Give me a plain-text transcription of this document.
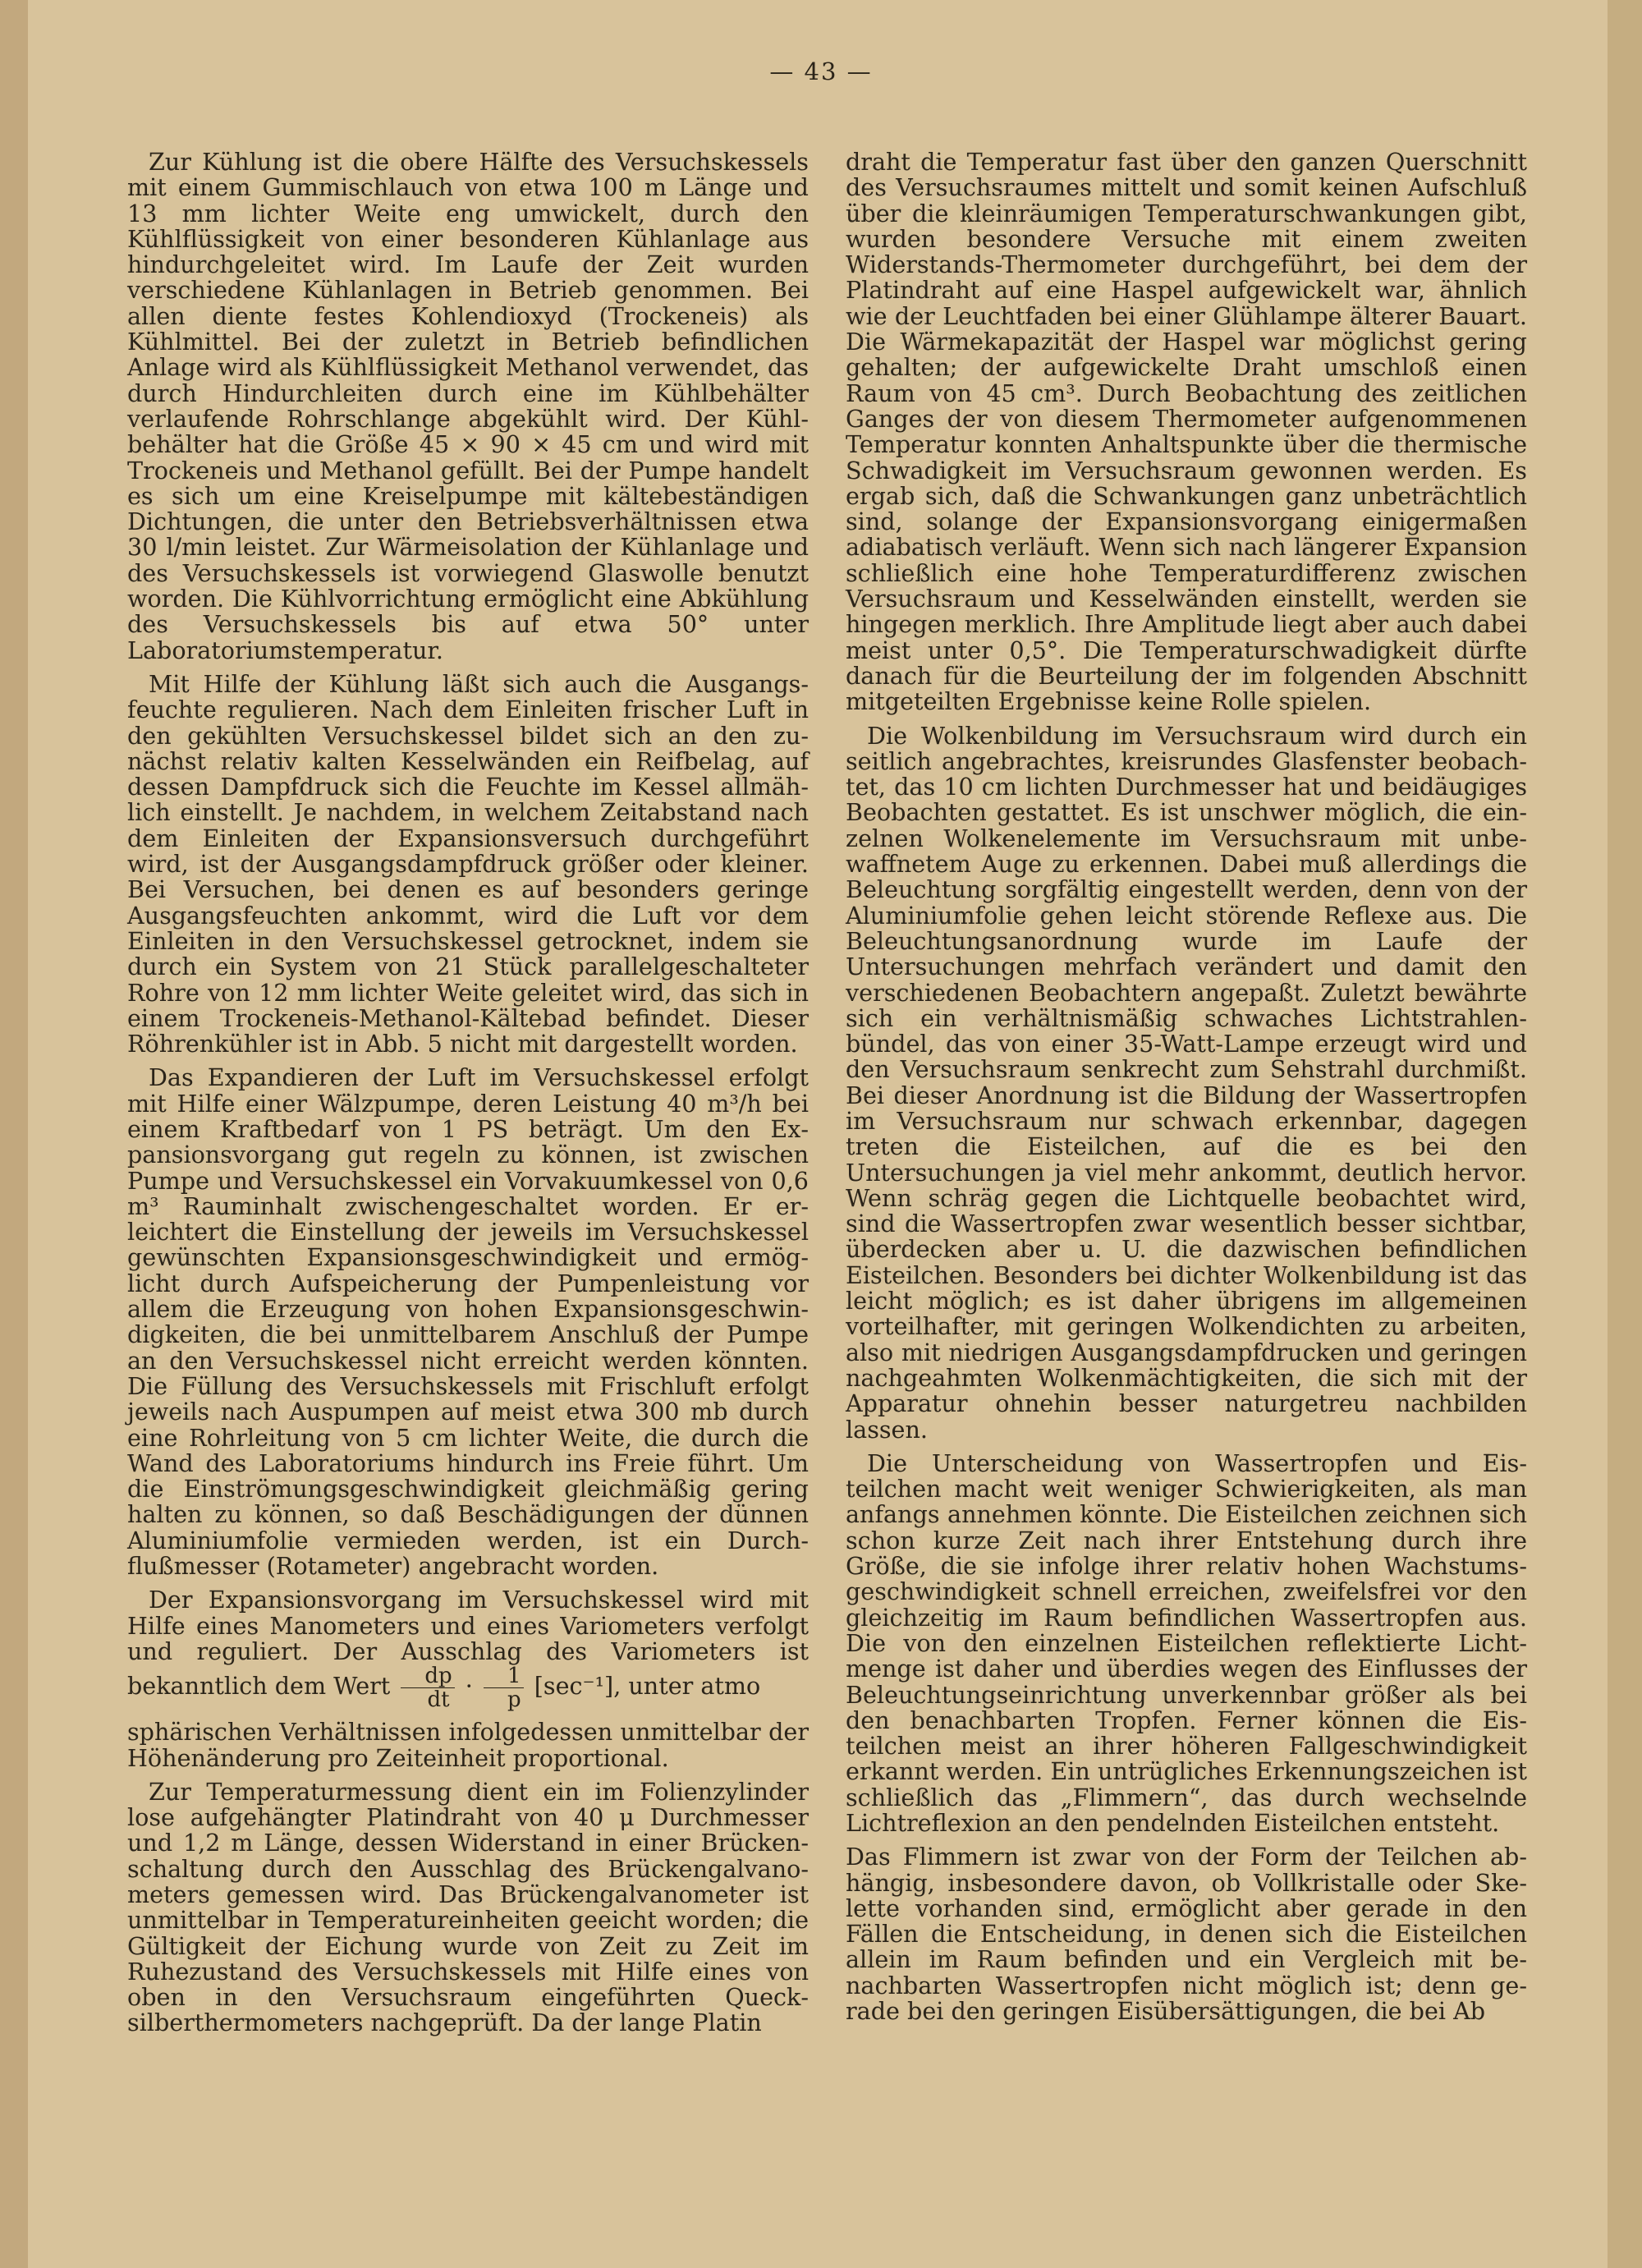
— 43 —

Zur Kühlung ist die obere Hälfte des Versuchskessels mit einem Gummischlauch von etwa 100 m Länge und 13 mm lichter Weite eng umwickelt, durch den Kühlflüssigkeit von einer besonderen Kühlanlage aus hindurchgeleitet wird. Im Laufe der Zeit wurden verschiedene Kühlanlagen in Betrieb genommen. Bei allen diente festes Kohlendioxyd (Trockeneis) als Kühlmittel. Bei der zuletzt in Betrieb befindlichen Anlage wird als Kühlflüssigkeit Methanol verwendet, das durch Hindurchleiten durch eine im Kühlbehälter verlaufende Rohrschlange abgekühlt wird. Der Kühlbehälter hat die Größe 45 × 90 × 45 cm und wird mit Trockeneis und Methanol gefüllt. Bei der Pumpe handelt es sich um eine Kreiselpumpe mit kältebeständigen Dichtungen, die unter den Betriebsverhältnissen etwa 30 l/min leistet. Zur Wärmeisolation der Kühlanlage und des Versuchskessels ist vorwiegend Glaswolle benutzt worden. Die Kühlvorrichtung ermöglicht eine Abkühlung des Versuchskessels bis auf etwa 50° unter Laboratoriumstemperatur.

Mit Hilfe der Kühlung läßt sich auch die Ausgangsfeuchte regulieren. Nach dem Einleiten frischer Luft in den gekühlten Versuchskessel bildet sich an den zunächst relativ kalten Kesselwänden ein Reifbelag, auf dessen Dampfdruck sich die Feuchte im Kessel allmählich einstellt. Je nachdem, in welchem Zeitabstand nach dem Einleiten der Expansionsversuch durchgeführt wird, ist der Ausgangsdampfdruck größer oder kleiner. Bei Versuchen, bei denen es auf besonders geringe Ausgangsfeuchten ankommt, wird die Luft vor dem Einleiten in den Versuchskessel getrocknet, indem sie durch ein System von 21 Stück parallelgeschalteter Rohre von 12 mm lichter Weite geleitet wird, das sich in einem Trockeneis-Methanol-Kältebad befindet. Dieser Röhrenkühler ist in Abb. 5 nicht mit dargestellt worden.

Das Expandieren der Luft im Versuchskessel erfolgt mit Hilfe einer Wälzpumpe, deren Leistung 40 m³/h bei einem Kraftbedarf von 1 PS beträgt. Um den Expansionsvorgang gut regeln zu können, ist zwischen Pumpe und Versuchskessel ein Vorvakuumkessel von 0,6 m³ Rauminhalt zwischengeschaltet worden. Er erleichtert die Einstellung der jeweils im Versuchskessel gewünschten Expansionsgeschwindigkeit und ermöglicht durch Aufspeicherung der Pumpenleistung vor allem die Erzeugung von hohen Expansionsgeschwindigkeiten, die bei unmittelbarem Anschluß der Pumpe an den Versuchskessel nicht erreicht werden könnten. Die Füllung des Versuchskessels mit Frischluft erfolgt jeweils nach Auspumpen auf meist etwa 300 mb durch eine Rohrleitung von 5 cm lichter Weite, die durch die Wand des Laboratoriums hindurch ins Freie führt. Um die Einströmungsgeschwindigkeit gleichmäßig gering halten zu können, so daß Beschädigungen der dünnen Aluminiumfolie vermieden werden, ist ein Durchflußmesser (Rotameter) angebracht worden.

Der Expansionsvorgang im Versuchskessel wird mit Hilfe eines Manometers und eines Variometers verfolgt und reguliert. Der Ausschlag des Variometers ist bekanntlich dem Wert $\frac{dp}{dt} \cdot \frac{1}{p} [\sec^{-1}]$, unter atmo

sphärischen Verhältnissen infolgedessen unmittelbar der Höhenänderung pro Zeiteinheit proportional.

Zur Temperaturmessung dient ein im Folienzylinder lose aufgehängter Platindraht von 40 μ Durchmesser und 1,2 m Länge, dessen Widerstand in einer Brückenschaltung durch den Ausschlag des Brückengalvanometers gemessen wird. Das Brückengalvanometer ist unmittelbar in Temperatureinheiten geeicht worden; die Gültigkeit der Eichung wurde von Zeit zu Zeit im Ruhezustand des Versuchskessels mit Hilfe eines von oben in den Versuchsraum eingeführten Quecksilberthermometers nachgeprüft. Da der lange Platin

draht die Temperatur fast über den ganzen Querschnitt des Versuchsraumes mittelt und somit keinen Aufschluß über die kleinräumigen Temperaturschwankungen gibt, wurden besondere Versuche mit einem zweiten Widerstands-Thermometer durchgeführt, bei dem der Platindraht auf eine Haspel aufgewickelt war, ähnlich wie der Leuchtfaden bei einer Glühlampe älterer Bauart. Die Wärmekapazität der Haspel war möglichst gering gehalten; der aufgewickelte Draht umschloß einen Raum von 45 cm³. Durch Beobachtung des zeitlichen Ganges der von diesem Thermometer aufgenommenen Temperatur konnten Anhaltspunkte über die thermische Schwadigkeit im Versuchsraum gewonnen werden. Es ergab sich, daß die Schwankungen ganz unbeträchtlich sind, solange der Expansionsvorgang einigermaßen adiabatisch verläuft. Wenn sich nach längerer Expansion schließlich eine hohe Temperaturdifferenz zwischen Versuchsraum und Kesselwänden einstellt, werden sie hingegen merklich. Ihre Amplitude liegt aber auch dabei meist unter 0,5°. Die Temperaturschwadigkeit dürfte danach für die Beurteilung der im folgenden Abschnitt mitgeteilten Ergebnisse keine Rolle spielen.

Die Wolkenbildung im Versuchsraum wird durch ein seitlich angebrachtes, kreisrundes Glasfenster beobachtet, das 10 cm lichten Durchmesser hat und beidäugiges Beobachten gestattet. Es ist unschwer möglich, die einzelnen Wolkenelemente im Versuchsraum mit unbewaffnetem Auge zu erkennen. Dabei muß allerdings die Beleuchtung sorgfältig eingestellt werden, denn von der Aluminiumfolie gehen leicht störende Reflexe aus. Die Beleuchtungsanordnung wurde im Laufe der Untersuchungen mehrfach verändert und damit den verschiedenen Beobachtern angepaßt. Zuletzt bewährte sich ein verhältnismäßig schwaches Lichtstrahlenbündel, das von einer 35-Watt-Lampe erzeugt wird und den Versuchsraum senkrecht zum Sehstrahl durchmißt. Bei dieser Anordnung ist die Bildung der Wassertropfen im Versuchsraum nur schwach erkennbar, dagegen treten die Eisteilchen, auf die es bei den Untersuchungen ja viel mehr ankommt, deutlich hervor. Wenn schräg gegen die Lichtquelle beobachtet wird, sind die Wassertropfen zwar wesentlich besser sichtbar, überdecken aber u. U. die dazwischen befindlichen Eisteilchen. Besonders bei dichter Wolkenbildung ist das leicht möglich; es ist daher übrigens im allgemeinen vorteilhafter, mit geringen Wolkendichten zu arbeiten, also mit niedrigen Ausgangsdampfdrucken und geringen nachgeahmten Wolkenmächtigkeiten, die sich mit der Apparatur ohnehin besser naturgetreu nachbilden lassen.

Die Unterscheidung von Wassertropfen und Eisteilchen macht weit weniger Schwierigkeiten, als man anfangs annehmen könnte. Die Eisteilchen zeichnen sich schon kurze Zeit nach ihrer Entstehung durch ihre Größe, die sie infolge ihrer relativ hohen Wachstumsgeschwindigkeit schnell erreichen, zweifelsfrei vor den gleichzeitig im Raum befindlichen Wassertropfen aus. Die von den einzelnen Eisteilchen reflektierte Lichtmenge ist daher und überdies wegen des Einflusses der Beleuchtungseinrichtung unverkennbar größer als bei den benachbarten Tropfen. Ferner können die Eisteilchen meist an ihrer höheren Fallgeschwindigkeit erkannt werden. Ein untrügliches Erkennungszeichen ist schließlich das „Flimmern“, das durch wechselnde Lichtreflexion an den pendelnden Eisteilchen entsteht.

Das Flimmern ist zwar von der Form der Teilchen abhängig, insbesondere davon, ob Vollkristalle oder Skelette vorhanden sind, ermöglicht aber gerade in den Fällen die Entscheidung, in denen sich die Eisteilchen allein im Raum befinden und ein Vergleich mit benachbarten Wassertropfen nicht möglich ist; denn gerade bei den geringen Eisübersättigungen, die bei Ab
